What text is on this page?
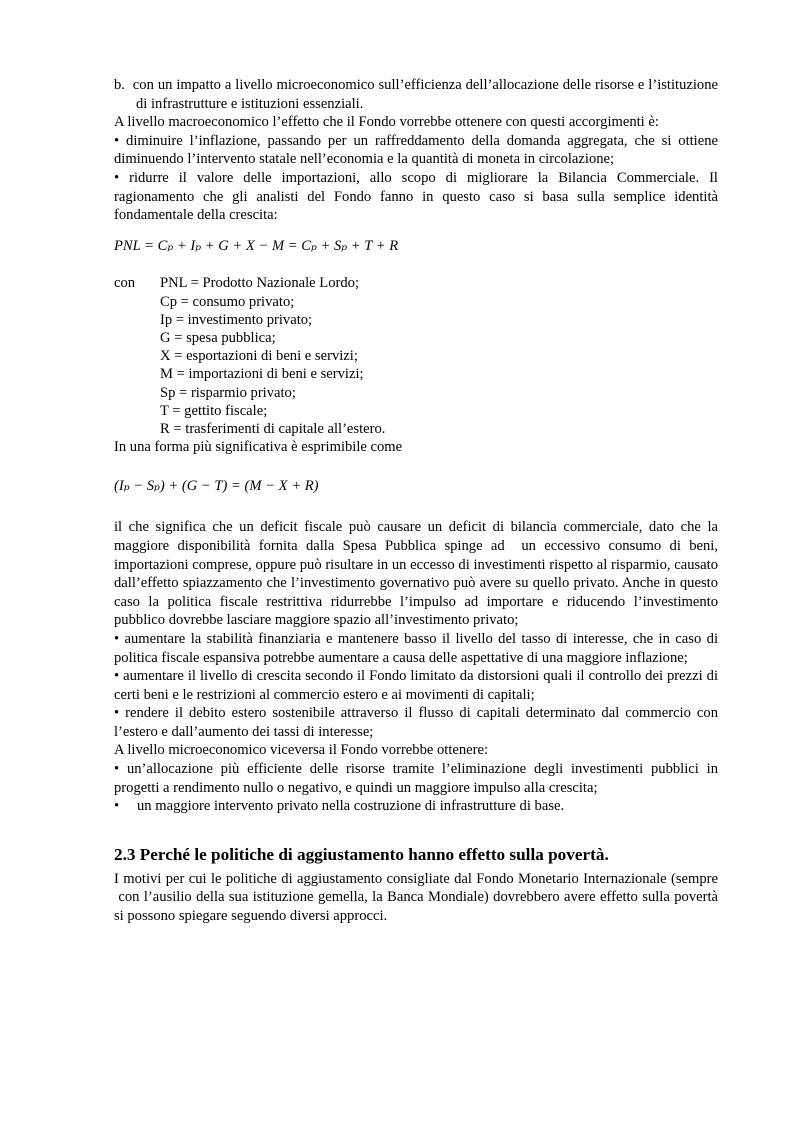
b.  con un impatto a livello microeconomico sull’efficienza dell’allocazione delle risorse e l’istituzione di infrastrutture e istituzioni essenziali.

A livello macroeconomico l’effetto che il Fondo vorrebbe ottenere con questi accorgimenti è:

• diminuire l’inflazione, passando per un raffreddamento della domanda aggregata, che si ottiene diminuendo l’intervento statale nell’economia e la quantità di moneta in circolazione;

• ridurre il valore delle importazioni, allo scopo di migliorare la Bilancia Commerciale. Il ragionamento che gli analisti del Fondo fanno in questo caso si basa sulla semplice identità fondamentale della crescita:

PNL = Cₚ + Iₚ + G + X − M = Cₚ + Sₚ + T + R
con	PNL = Prodotto Nazionale Lordo;
Cp = consumo privato;
Ip = investimento privato;
G = spesa pubblica;
X = esportazioni di beni e servizi;
M = importazioni di beni e servizi;
Sp = risparmio privato;
T = gettito fiscale;
R = trasferimenti di capitale all’estero.

In una forma più significativa è esprimibile come

(Iₚ − Sₚ) + (G − T) = (M − X + R)

il che significa che un deficit fiscale può causare un deficit di bilancia commerciale, dato che la maggiore disponibilità fornita dalla Spesa Pubblica spinge ad  un eccessivo consumo di beni, importazioni comprese, oppure può risultare in un eccesso di investimenti rispetto al risparmio, causato dall’effetto spiazzamento che l’investimento governativo può avere su quello privato. Anche in questo caso la politica fiscale restrittiva ridurrebbe l’impulso ad importare e riducendo l’investimento pubblico dovrebbe lasciare maggiore spazio all’investimento privato;

• aumentare la stabilità finanziaria e mantenere basso il livello del tasso di interesse, che in caso di politica fiscale espansiva potrebbe aumentare a causa delle aspettative di una maggiore inflazione;

• aumentare il livello di crescita secondo il Fondo limitato da distorsioni quali il controllo dei prezzi di certi beni e le restrizioni al commercio estero e ai movimenti di capitali;

• rendere il debito estero sostenibile attraverso il flusso di capitali determinato dal commercio con l’estero e dall’aumento dei tassi di interesse;

A livello microeconomico viceversa il Fondo vorrebbe ottenere:

• un’allocazione più efficiente delle risorse tramite l’eliminazione degli investimenti pubblici in progetti a rendimento nullo o negativo, e quindi un maggiore impulso alla crescita;

•	un maggiore intervento privato nella costruzione di infrastrutture di base.
2.3 Perché le politiche di aggiustamento hanno effetto sulla povertà.

I motivi per cui le politiche di aggiustamento consigliate dal Fondo Monetario Internazionale (sempre  con l’ausilio della sua istituzione gemella, la Banca Mondiale) dovrebbero avere effetto sulla povertà si possono spiegare seguendo diversi approcci.
